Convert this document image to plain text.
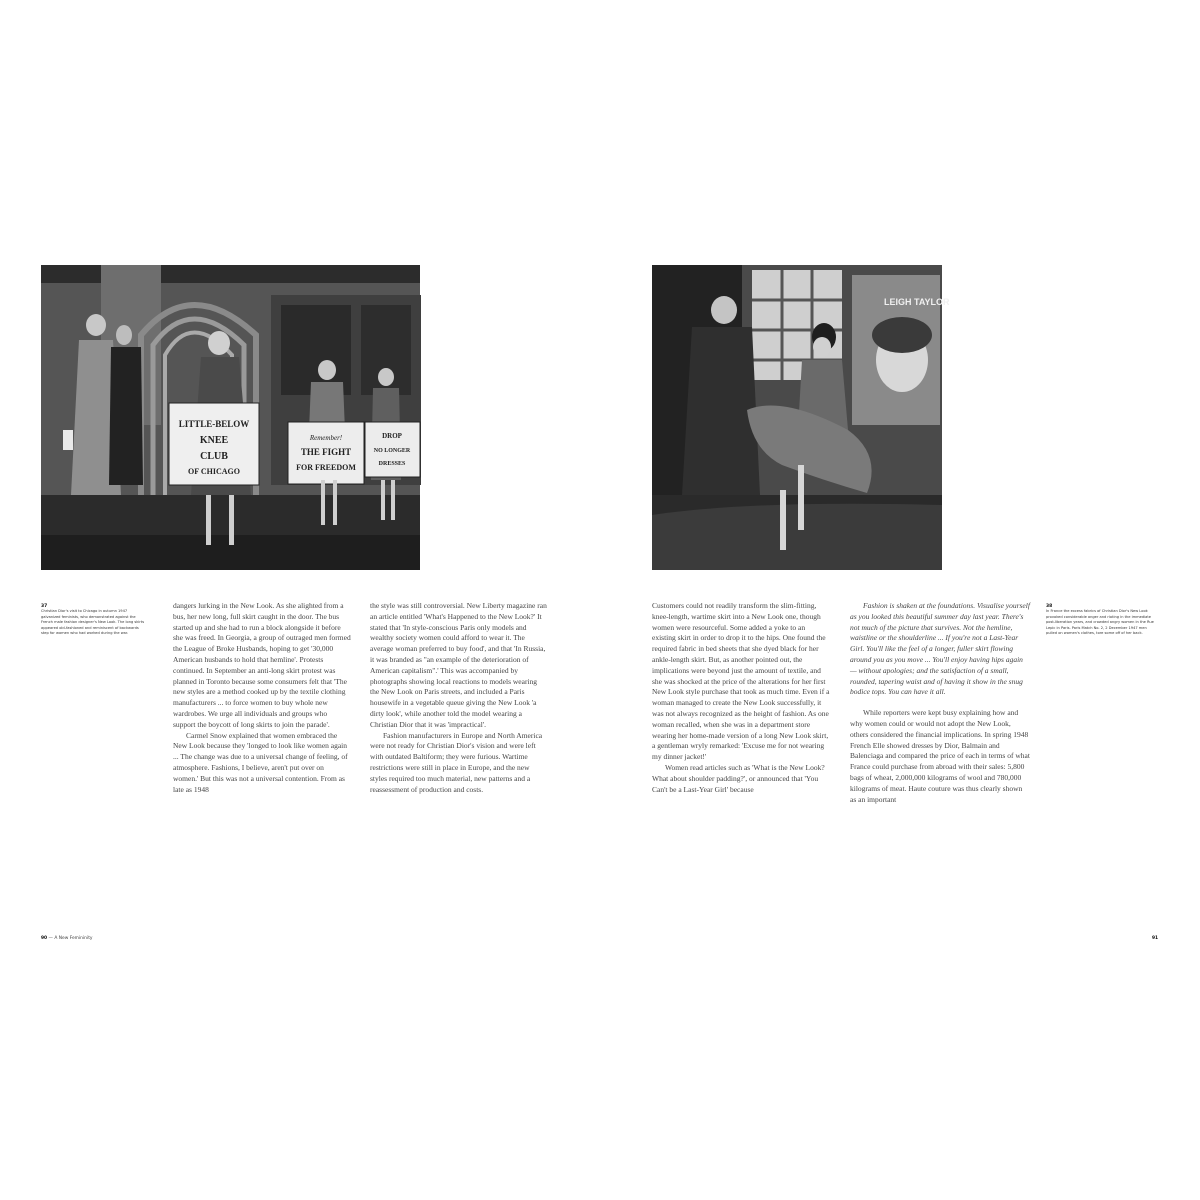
LITTLE-BELOW
KNEE
CLUB
OF CHICAGO
Remember!
THE FIGHT
FOR FREEDOM
DROP
NO LONGER
DRESSES
LEIGH TAYLOR
37
Christian Dior's visit to Chicago in autumn 1947 galvanized feminists, who demonstrated against the French male fashion designer's New Look. The long skirts appeared old-fashioned and reminiscent of backwards step for women who had worked during the war.

dangers lurking in the New Look. As she alighted from a bus, her new long, full skirt caught in the door. The bus started up and she had to run a block alongside it before she was freed. In Georgia, a group of outraged men formed the League of Broke Husbands, hoping to get '30,000 American husbands to hold that hemline'. Protests continued. In September an anti-long skirt protest was planned in Toronto because some consumers felt that 'The new styles are a method cooked up by the textile clothing manufacturers ... to force women to buy whole new wardrobes. We urge all individuals and groups who support the boycott of long skirts to join the parade'.

Carmel Snow explained that women embraced the New Look because they 'longed to look like women again ... The change was due to a universal change of feeling, of atmosphere. Fashions, I believe, aren't put over on women.' But this was not a universal contention. From as late as 1948

the style was still controversial. New Liberty magazine ran an article entitled 'What's Happened to the New Look?' It stated that 'In style-conscious Paris only models and wealthy society women could afford to wear it. The average woman preferred to buy food', and that 'In Russia, it was branded as "an example of the deterioration of American capitalism".' This was accompanied by photographs showing local reactions to models wearing the New Look on Paris streets, and included a Paris housewife in a vegetable queue giving the New Look 'a dirty look', while another told the model wearing a Christian Dior that it was 'impractical'.

Fashion manufacturers in Europe and North America were not ready for Christian Dior's vision and were left with outdated Baltiform; they were furious. Wartime restrictions were still in place in Europe, and the new styles required too much material, new patterns and a reassessment of production and costs.

90 — A New Femininity

Customers could not readily transform the slim-fitting, knee-length, wartime skirt into a New Look one, though women were resourceful. Some added a yoke to an existing skirt in order to drop it to the hips. One found the required fabric in bed sheets that she dyed black for her ankle-length skirt. But, as another pointed out, the implications were beyond just the amount of textile, and she was shocked at the price of the alterations for her first New Look style purchase that took as much time. Even if a woman managed to create the New Look successfully, it was not always recognized as the height of fashion. As one woman recalled, when she was in a department store wearing her home-made version of a long New Look skirt, a gentleman wryly remarked: 'Excuse me for not wearing my dinner jacket!'

Women read articles such as 'What is the New Look? What about shoulder padding?', or announced that 'You Can't be a Last-Year Girl' because

Fashion is shaken at the foundations. Visualise yourself as you looked this beautiful summer day last year. There's not much of the picture that survives. Not the hemline, waistline or the shoulderline ... If you're not a Last-Year Girl. You'll like the feel of a longer, fuller skirt flowing around you as you move ... You'll enjoy having hips again — without apologies; and the satisfaction of a small, rounded, tapering waist and of having it show in the snug bodice tops. You can have it all.

While reporters were kept busy explaining how and why women could or would not adopt the New Look, others considered the financial implications. In spring 1948 French Elle showed dresses by Dior, Balmain and Balenciaga and compared the price of each in terms of what France could purchase from abroad with their sales: 5,800 bags of wheat, 2,000,000 kilograms of wool and 780,000 kilograms of meat. Haute couture was thus clearly shown as an important

38
In France the excess fabrics of Christian Dior's New Look provoked considerable anger and rioting in the immediate post-liberation years, and crowded angry women in the Rue Lepic in Paris. Paris Match No. 2, 2 December 1947 men pulled on women's clothes, tore some off of her back.
91
